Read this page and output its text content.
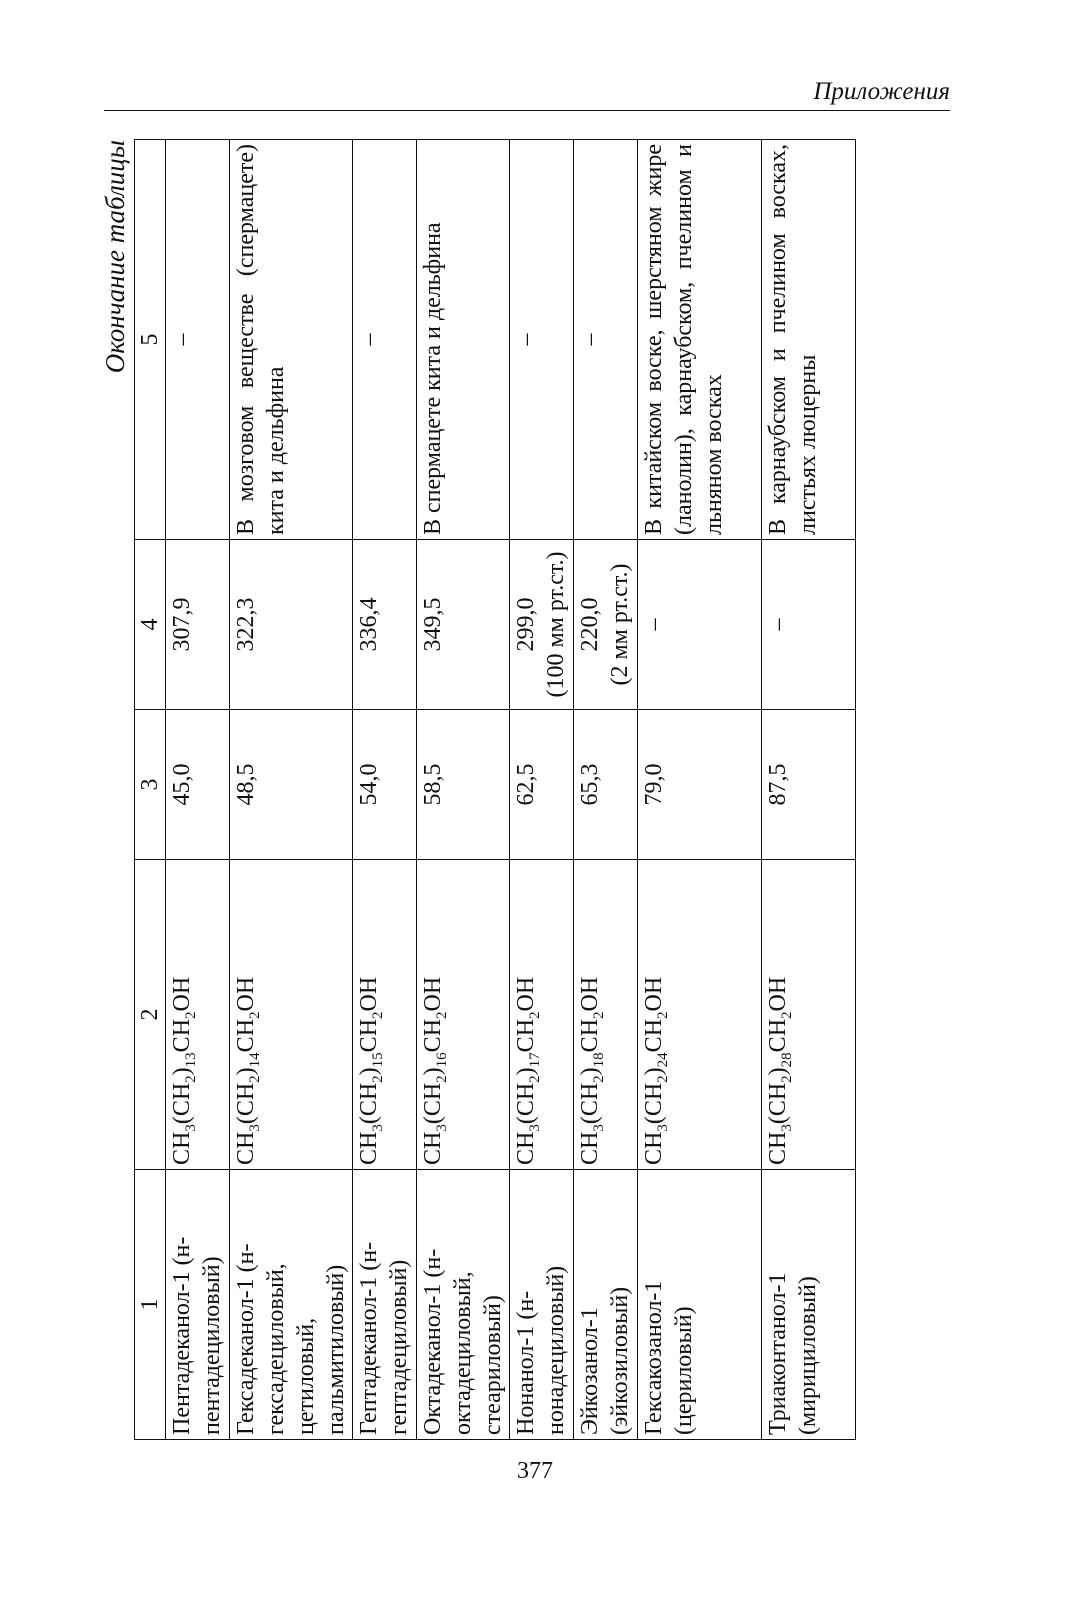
Приложения
Окончание таблицы
1	2	3	4	5
Пентадеканол-1 (н-пентадециловый)	$CH_3(CH_2)_{13}CH_2OH$	45,0	307,9	–
Гексадеканол-1 (н-гексадециловый, цетиловый, пальмитиловый)	$CH_3(CH_2)_{14}CH_2OH$	48,5	322,3	В мозговом веществе (спермацете) кита и дельфина
Гептадеканол-1 (н-гептадециловый)	$CH_3(CH_2)_{15}CH_2OH$	54,0	336,4	–
Октадеканол-1 (н-октадециловый, стеариловый)	$CH_3(CH_2)_{16}CH_2OH$	58,5	349,5	В спермацете кита и дельфина
Нонанол-1 (н-нонадециловый)	$CH_3(CH_2)_{17}CH_2OH$	62,5	299,0 (100 мм рт.ст.)	–
Эйкозанол-1 (эйкозиловый)	$CH_3(CH_2)_{18}CH_2OH$	65,3	220,0 (2 мм рт.ст.)	–
Гексакозанол-1 (цериловый)	$CH_3(CH_2)_{24}CH_2OH$	79,0	–	В китайском воске, шерстяном жире (ланолин), карнаубском, пчелином и льняном восках
Триаконтанол-1 (мирициловый)	$CH_3(CH_2)_{28}CH_2OH$	87,5	–	В карнаубском и пчелином восках, листьях люцерны
377
